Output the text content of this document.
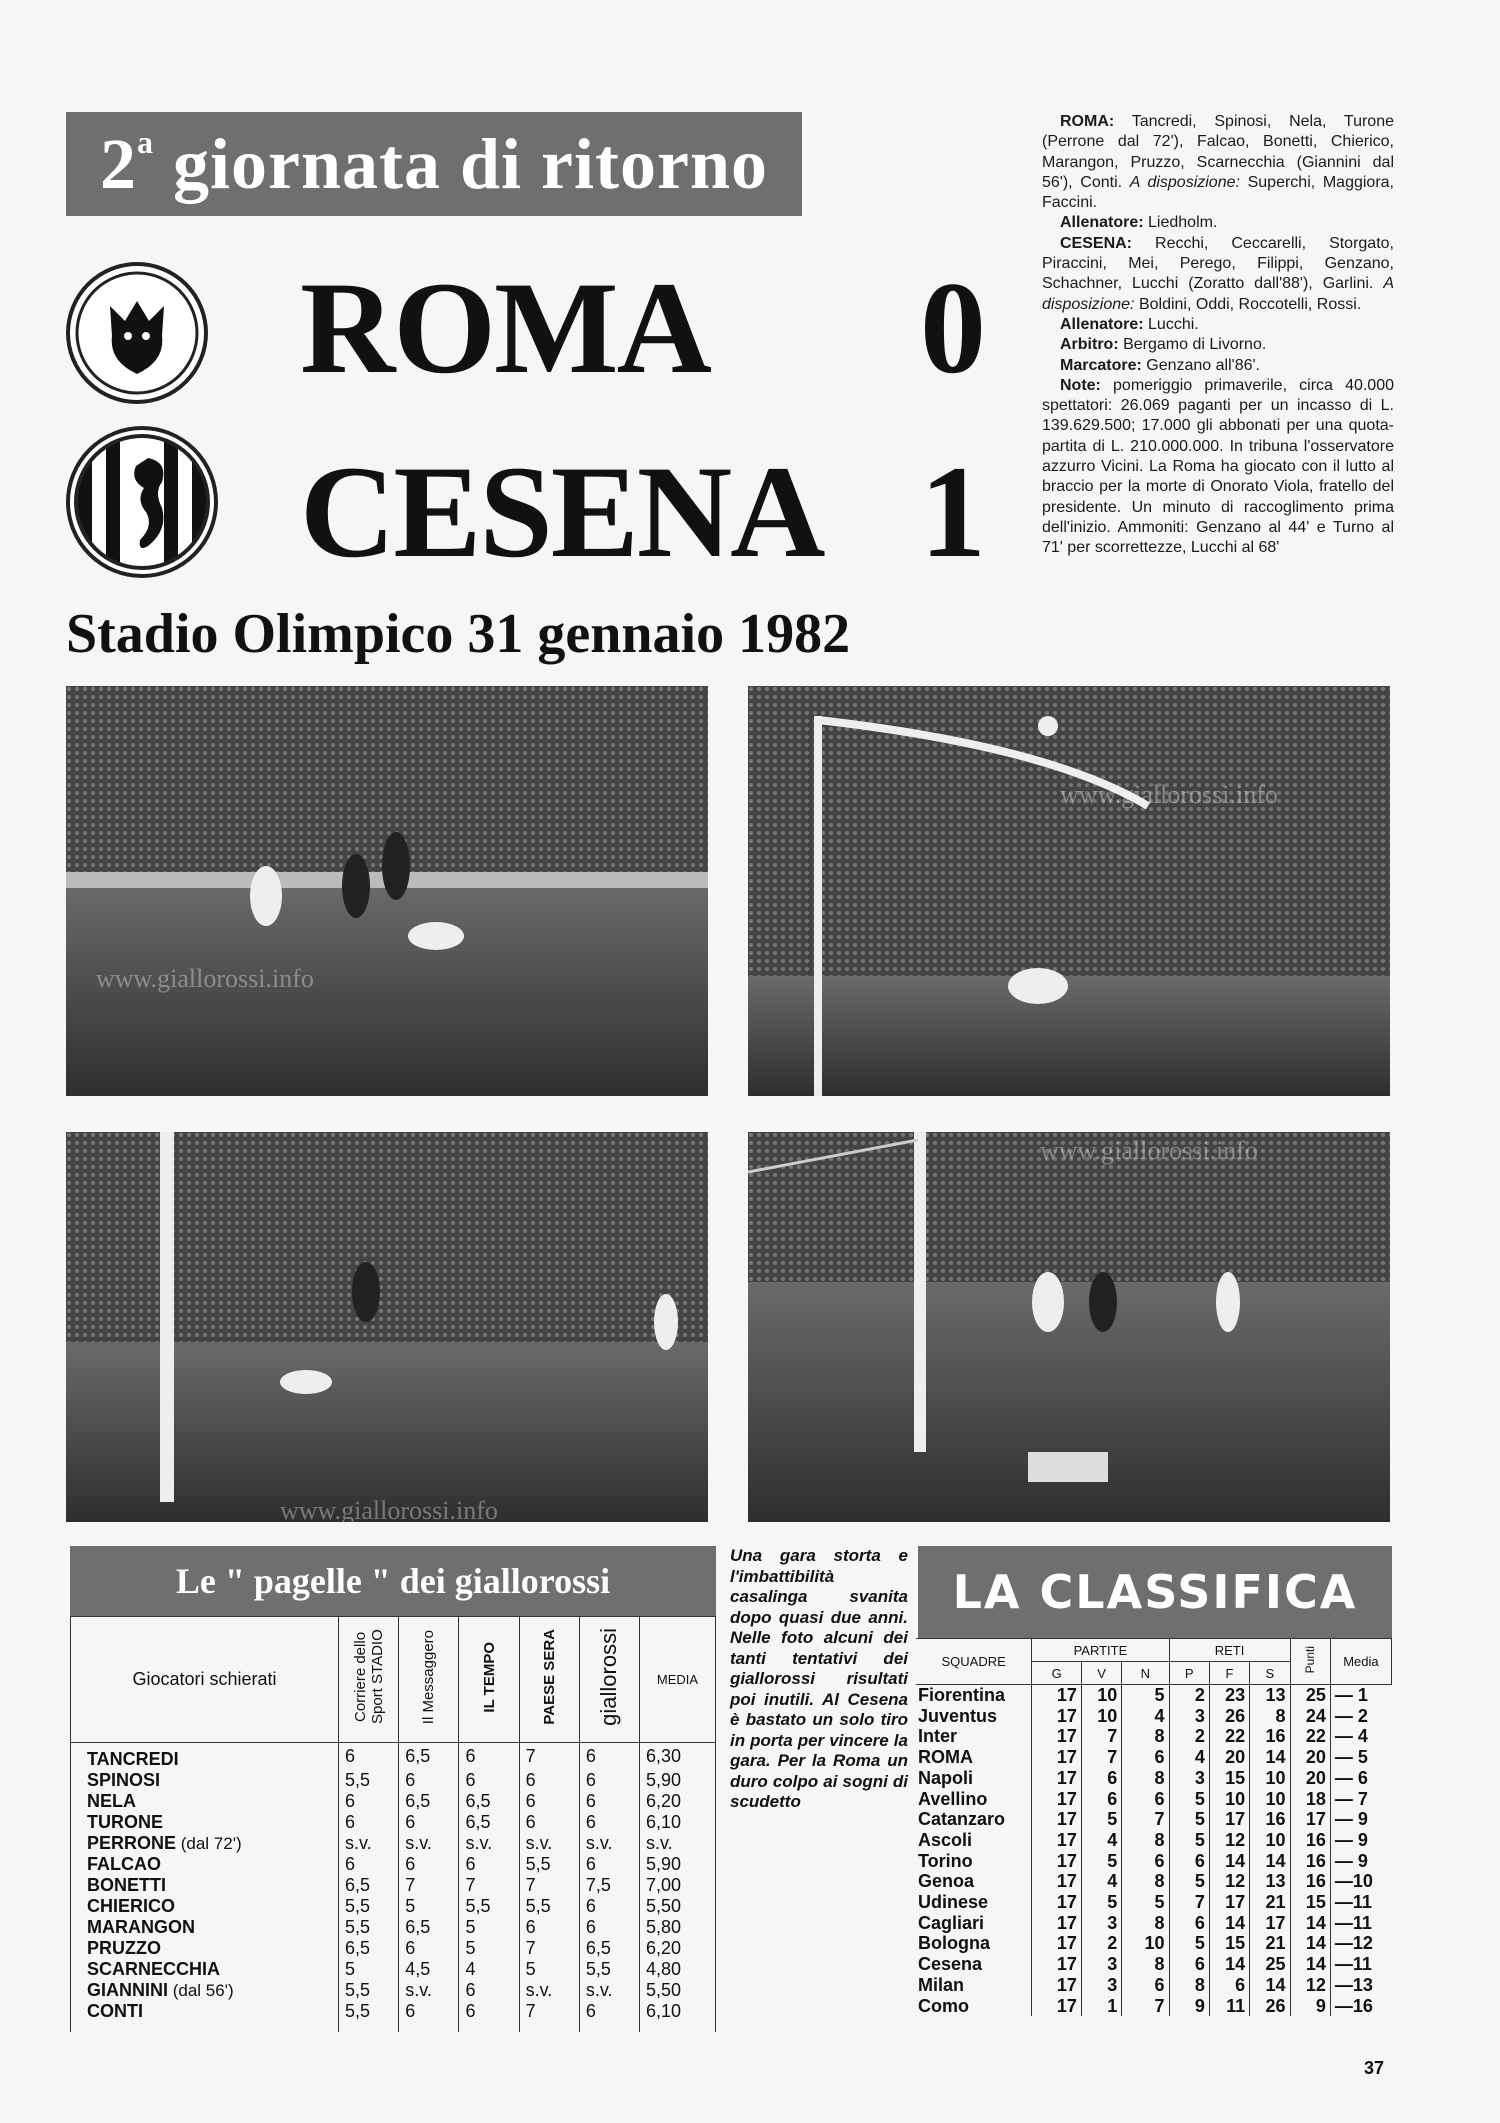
2$^a$ giornata di ritorno
ROMA 0
CESENA 1
Stadio Olimpico 31 gennaio 1982

ROMA: Tancredi, Spinosi, Nela, Turone (Perrone dal 72'), Falcao, Bonetti, Chierico, Marangon, Pruzzo, Scarnecchia (Giannini dal 56'), Conti. A disposizione: Superchi, Maggiora, Faccini.

Allenatore: Liedholm.

CESENA: Recchi, Ceccarelli, Storgato, Piraccini, Mei, Perego, Filippi, Genzano, Schachner, Lucchi (Zoratto dall'88'), Garlini. A disposizione: Boldini, Oddi, Roccotelli, Rossi.

Allenatore: Lucchi.

Arbitro: Bergamo di Livorno.

Marcatore: Genzano all'86'.

Note: pomeriggio primaverile, circa 40.000 spettatori: 26.069 paganti per un incasso di L. 139.629.500; 17.000 gli abbonati per una quota-partita di L. 210.000.000. In tribuna l'osservatore azzurro Vicini. La Roma ha giocato con il lutto al braccio per la morte di Onorato Viola, fratello del presidente. Un minuto di raccoglimento prima dell'inizio. Ammoniti: Genzano al 44' e Turno al 71' per scorrettezze, Lucchi al 68'

www.giallorossi.info
www.giallorossi.info
www.giallorossi.info
www.giallorossi.info
Le " pagelle " dei giallorossi
Giocatori schierati	Corriere dello Sport STADIO	Il Messaggero	IL TEMPO	PAESE SERA	giallorossi	MEDIA
TANCREDI	6	6,5	6	7	6	6,30
SPINOSI	5,5	6	6	6	6	5,90
NELA	6	6,5	6,5	6	6	6,20
TURONE	6	6	6,5	6	6	6,10
PERRONE (dal 72')	s.v.	s.v.	s.v.	s.v.	s.v.	s.v.
FALCAO	6	6	6	5,5	6	5,90
BONETTI	6,5	7	7	7	7,5	7,00
CHIERICO	5,5	5	5,5	5,5	6	5,50
MARANGON	5,5	6,5	5	6	6	5,80
PRUZZO	6,5	6	5	7	6,5	6,20
SCARNECCHIA	5	4,5	4	5	5,5	4,80
GIANNINI (dal 56')	5,5	s.v.	6	s.v.	s.v.	5,50
CONTI	5,5	6	6	7	6	6,10

Una gara storta e l'imbattibilità casalinga svanita dopo quasi due anni. Nelle foto alcuni dei tanti tentativi dei giallorossi risultati poi inutili. Al Cesena è bastato un solo tiro in porta per vincere la gara. Per la Roma un duro colpo ai sogni di scudetto
LA CLASSIFICA
SQUADRE	PARTITE			RETI			Punti	Media
	G	V	N	P	F	S		
Fiorentina	17	10	5	2	23	13	25	— 1
Juventus	17	10	4	3	26	8	24	— 2
Inter	17	7	8	2	22	16	22	— 4
ROMA	17	7	6	4	20	14	20	— 5
Napoli	17	6	8	3	15	10	20	— 6
Avellino	17	6	6	5	10	10	18	— 7
Catanzaro	17	5	7	5	17	16	17	— 9
Ascoli	17	4	8	5	12	10	16	— 9
Torino	17	5	6	6	14	14	16	— 9
Genoa	17	4	8	5	12	13	16	—10
Udinese	17	5	5	7	17	21	15	—11
Cagliari	17	3	8	6	14	17	14	—11
Bologna	17	2	10	5	15	21	14	—12
Cesena	17	3	8	6	14	25	14	—11
Milan	17	3	6	8	6	14	12	—13
Como	17	1	7	9	11	26	9	—16
37
